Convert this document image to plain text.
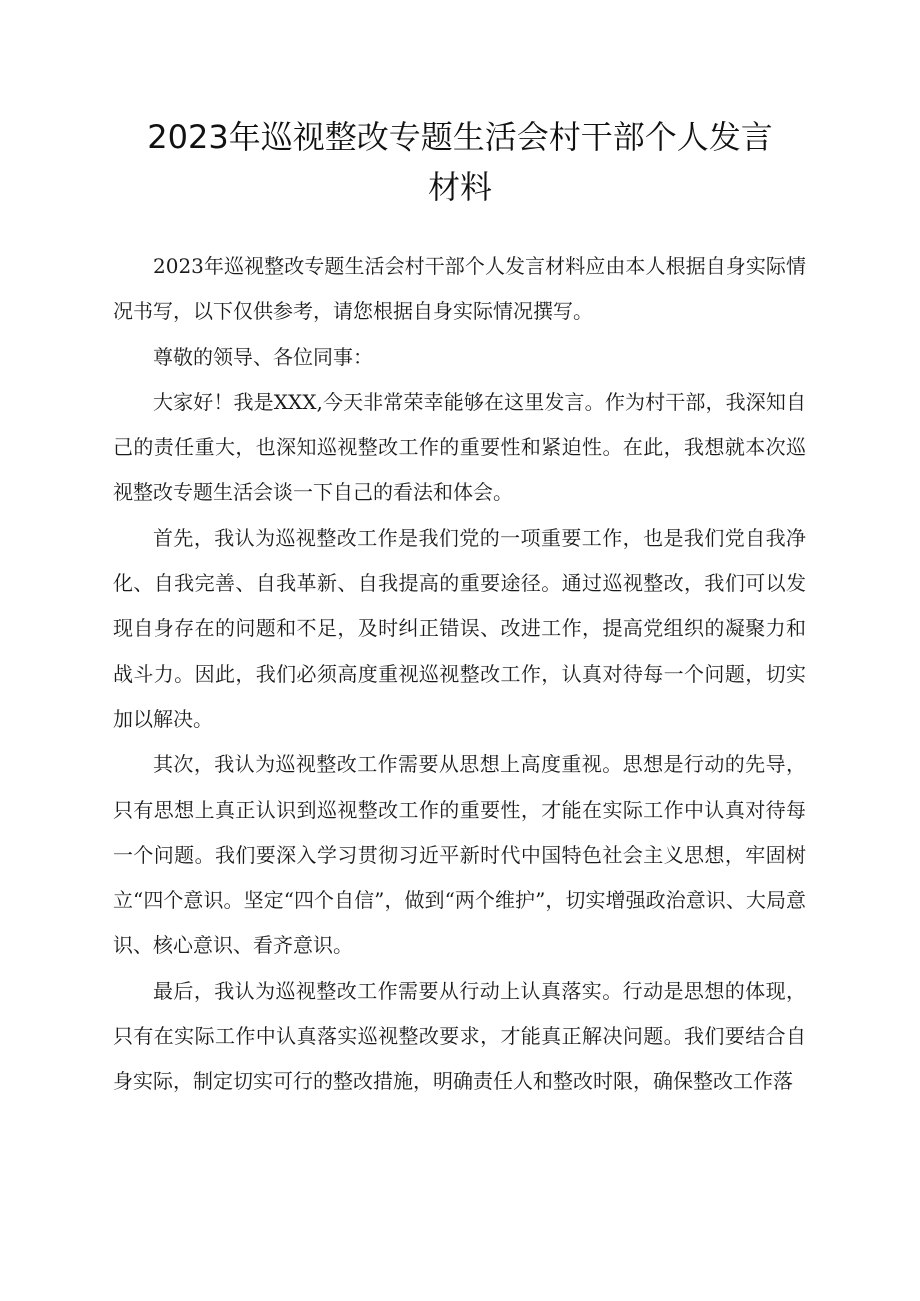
2023年巡视整改专题生活会村干部个人发言
材料

2023年巡视整改专题生活会村干部个人发言材料应由本人根据自身实际情况书写，以下仅供参考，请您根据自身实际情况撰写。

尊敬的领导、各位同事：

大家好！我是XXX,今天非常荣幸能够在这里发言。作为村干部，我深知自己的责任重大，也深知巡视整改工作的重要性和紧迫性。在此，我想就本次巡视整改专题生活会谈一下自己的看法和体会。

首先，我认为巡视整改工作是我们党的一项重要工作，也是我们党自我净化、自我完善、自我革新、自我提高的重要途径。通过巡视整改，我们可以发现自身存在的问题和不足，及时纠正错误、改进工作，提高党组织的凝聚力和战斗力。因此，我们必须高度重视巡视整改工作，认真对待每一个问题，切实加以解决。

其次，我认为巡视整改工作需要从思想上高度重视。思想是行动的先导，只有思想上真正认识到巡视整改工作的重要性，才能在实际工作中认真对待每一个问题。我们要深入学习贯彻习近平新时代中国特色社会主义思想，牢固树立“四个意识。坚定“四个自信”，做到“两个维护”，切实增强政治意识、大局意识、核心意识、看齐意识。

最后，我认为巡视整改工作需要从行动上认真落实。行动是思想的体现，只有在实际工作中认真落实巡视整改要求，才能真正解决问题。我们要结合自身实际，制定切实可行的整改措施，明确责任人和整改时限，确保整改工作落
